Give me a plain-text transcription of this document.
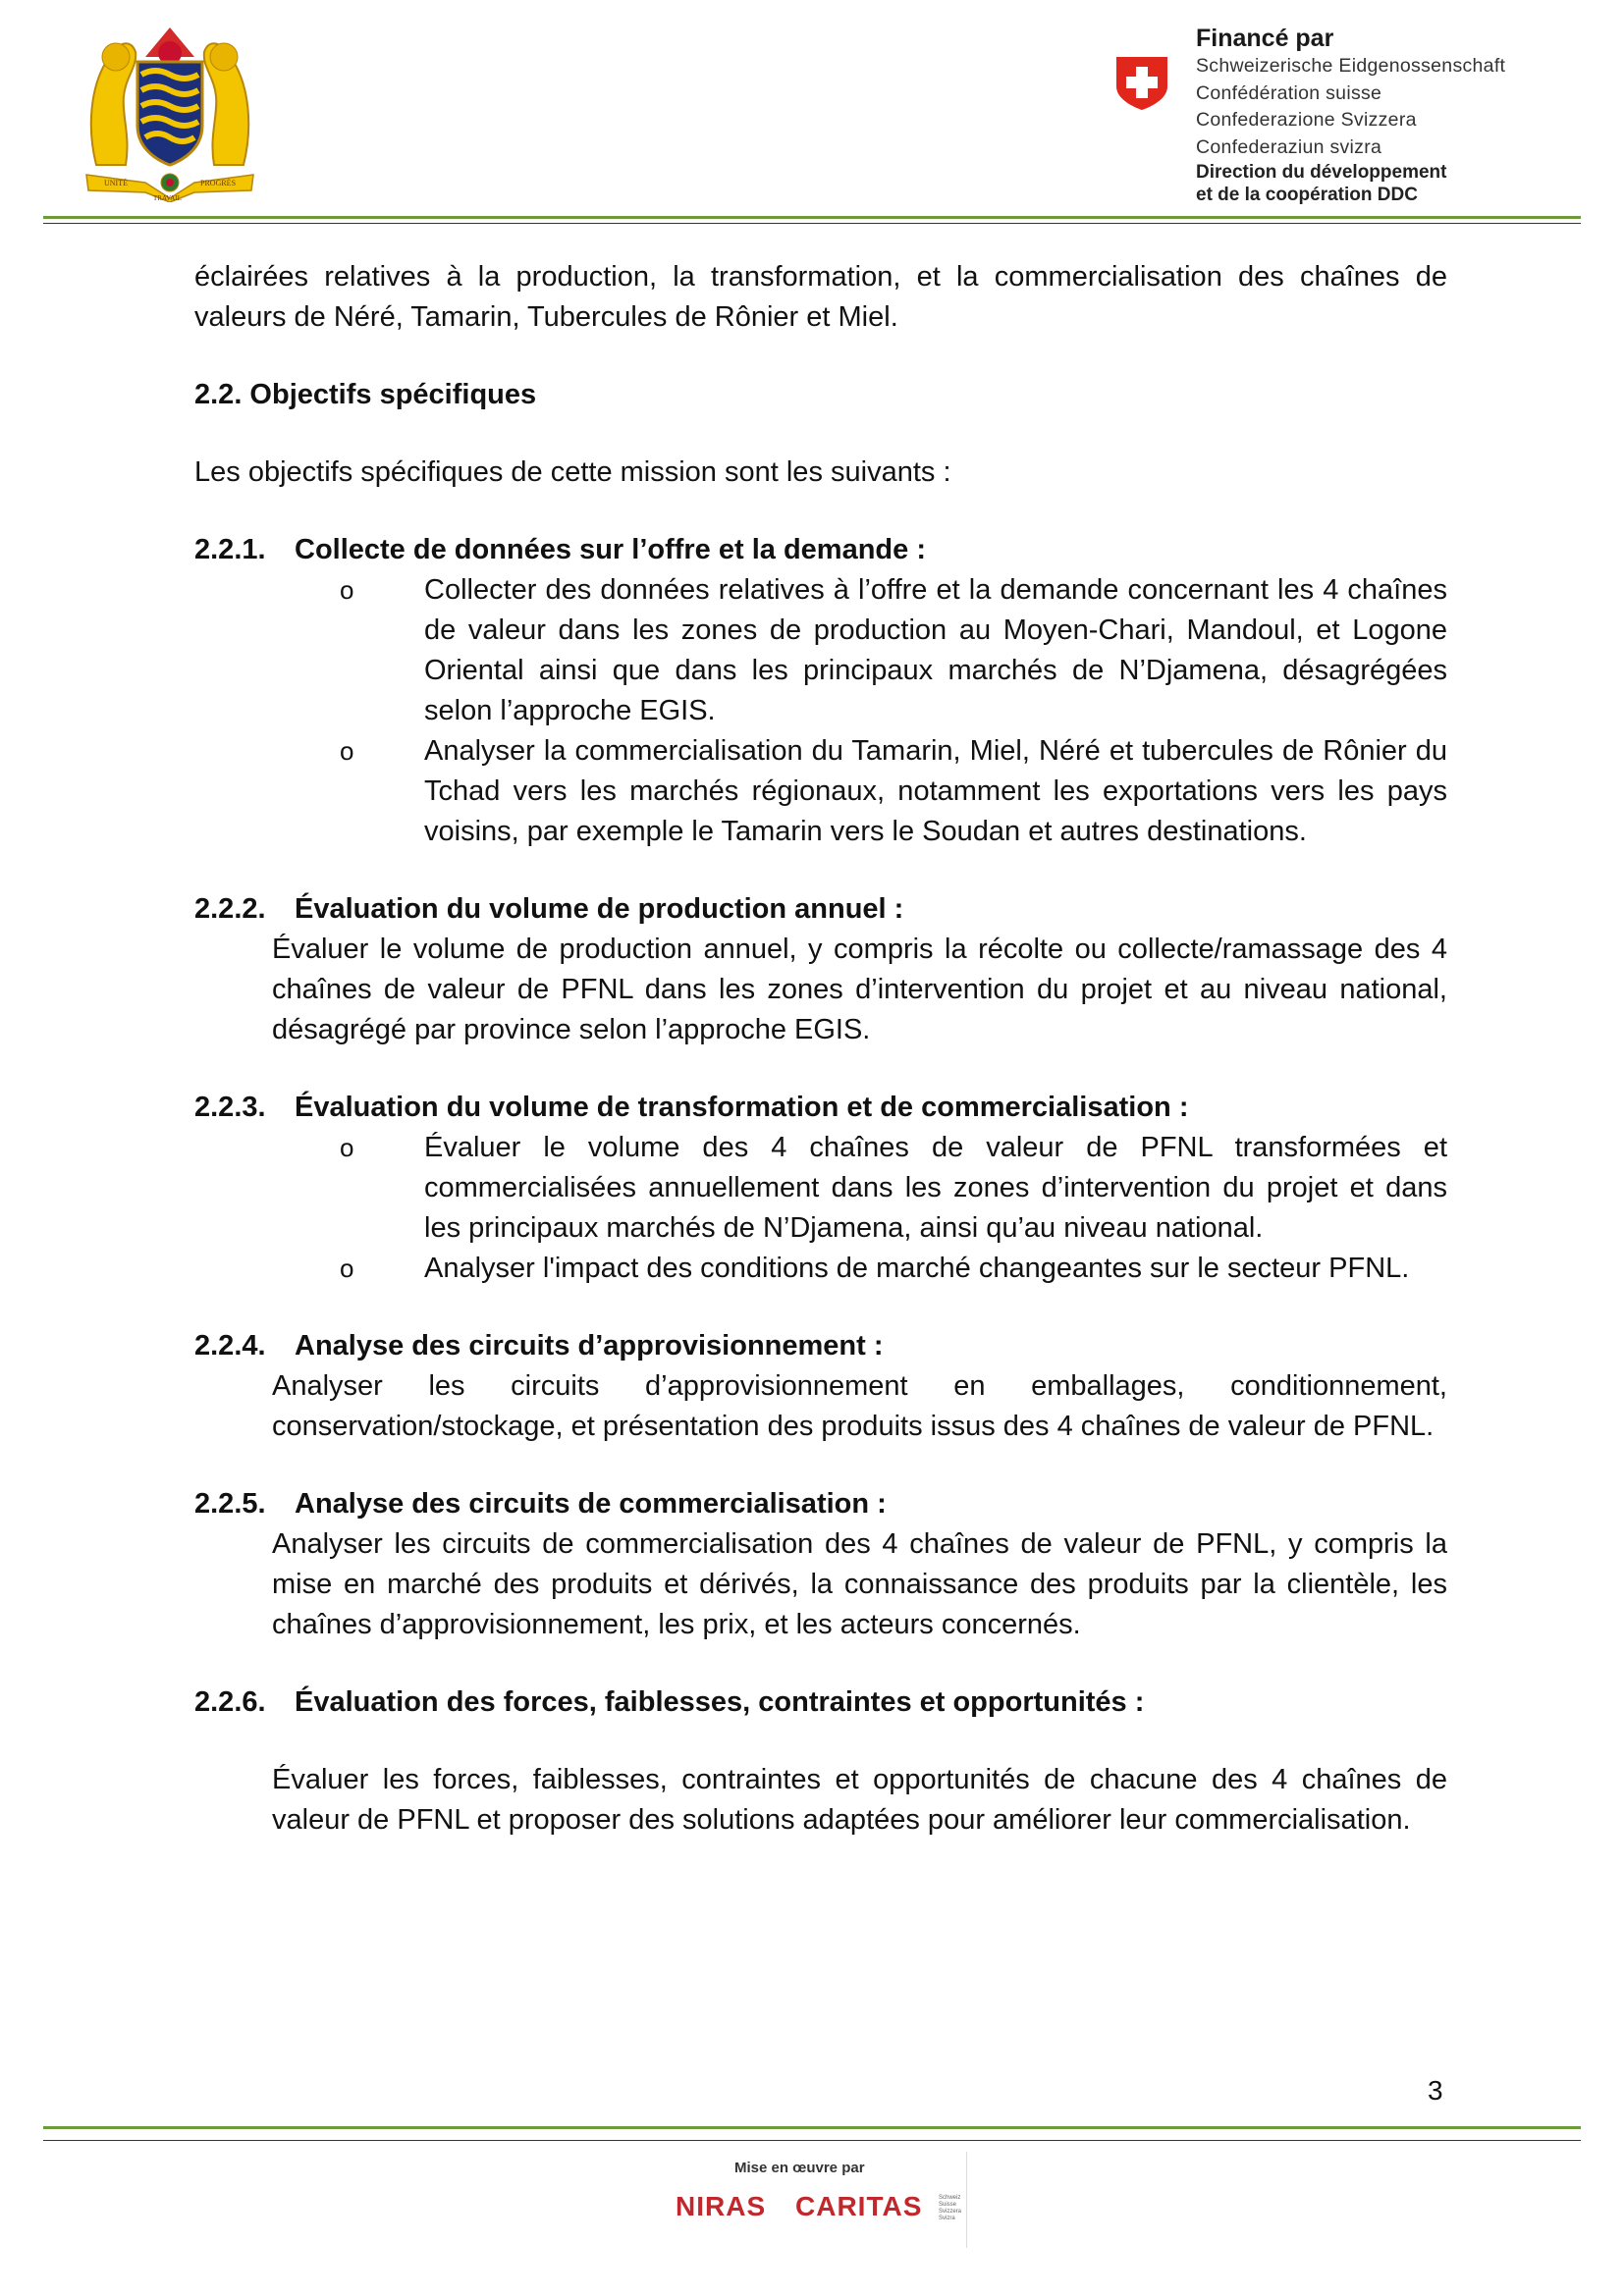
UNITÉ
TRAVAIL
PROGRÈS
Financé par
Schweizerische Eidgenossenschaft
Confédération suisse
Confederazione Svizzera
Confederaziun svizra
Direction du développement
et de la coopération DDC

éclairées relatives à la production, la transformation, et la commercialisation des chaînes de valeurs de Néré, Tamarin, Tubercules de Rônier et Miel.

2.2. Objectifs spécifiques

Les objectifs spécifiques de cette mission sont les suivants :

2.2.1.	Collecte de données sur l’offre et la demande :
o	Collecter des données relatives à l’offre et la demande concernant les 4 chaînes de valeur dans les zones de production au Moyen-Chari, Mandoul, et Logone Oriental ainsi que dans les principaux marchés de N’Djamena, désagrégées selon l’approche EGIS.
o	Analyser la commercialisation du Tamarin, Miel, Néré et tubercules de Rônier du Tchad vers les marchés régionaux, notamment les exportations vers les pays voisins, par exemple le Tamarin vers le Soudan et autres destinations.
2.2.2.	Évaluation du volume de production annuel :

Évaluer le volume de production annuel, y compris la récolte ou collecte/ramassage des 4 chaînes de valeur de PFNL dans les zones d’intervention du projet et au niveau national, désagrégé par province selon l’approche EGIS.

2.2.3.	Évaluation du volume de transformation et de commercialisation :
o	Évaluer le volume des 4 chaînes de valeur de PFNL transformées et commercialisées annuellement dans les zones d’intervention du projet et dans les principaux marchés de N’Djamena, ainsi qu’au niveau national.
o	Analyser l'impact des conditions de marché changeantes sur le secteur PFNL.
2.2.4.	Analyse des circuits d’approvisionnement :

Analyser les circuits d’approvisionnement en emballages, conditionnement, conservation/stockage, et présentation des produits issus des 4 chaînes de valeur de PFNL.

2.2.5.	Analyse des circuits de commercialisation :

Analyser les circuits de commercialisation des 4 chaînes de valeur de PFNL, y compris la mise en marché des produits et dérivés, la connaissance des produits par la clientèle, les chaînes d’approvisionnement, les prix, et les acteurs concernés.

2.2.6.	Évaluation des forces, faiblesses, contraintes et opportunités :

Évaluer les forces, faiblesses, contraintes et opportunités de chacune des 4 chaînes de valeur de PFNL et proposer des solutions adaptées pour améliorer leur commercialisation.

3
Mise en œuvre par
NIRAS CARITAS	Schweiz Suisse Svizzera Svizra
